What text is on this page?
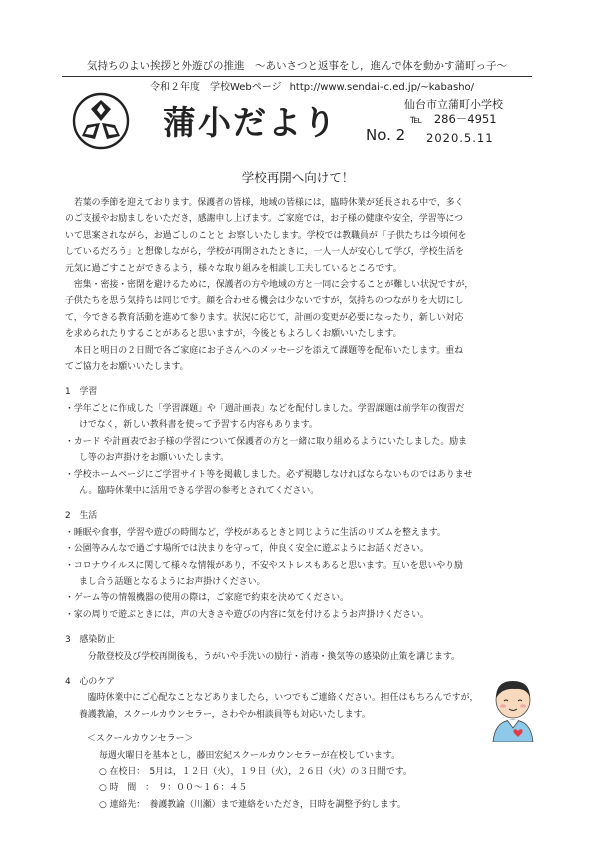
気持ちのよい挨拶と外遊びの推進　～あいさつと返事をし，進んで体を動かす蒲町っ子～
令和２年度　学校Webページ http://www.sendai-c.ed.jp/~kabasho/
蒲小だより No. 2
仙台市立蒲町小学校
℡　286－4951
2020.5.11
学校再開へ向けて！

　若葉の季節を迎えております。保護者の皆様，地域の皆様には，臨時休業が延長される中で，多く

のご支援やお励ましをいただき，感謝申し上げます。ご家庭では，お子様の健康や安全，学習等につ

いて思案されながら，お過ごしのことと お察しいたします。学校では教職員が「子供たちは今頃何を

しているだろう」と想像しながら，学校が再開されたときに，一人一人が安心して学び，学校生活を

元気に過ごすことができるよう，様々な取り組みを相談し工夫しているところです。

　密集・密接・密閉を避けるために，保護者の方や地域の方と一同に会することが難しい状況ですが，

子供たちを思う気持ちは同じです。顔を合わせる機会は少ないですが，気持ちのつながりを大切にし

て，今できる教育活動を進めて参ります。状況に応じて，計画の変更が必要になったり，新しい対応

を求められたりすることがあると思いますが，今後ともよろしくお願いいたします。

　本日と明日の２日間で各ご家庭にお子さんへのメッセージを添えて課題等を配布いたします。重ね

てご協力をお願いいたします。

1　学習

・学年ごとに作成した「学習課題」や「週計画表」などを配付しました。学習課題は前学年の復習だ

けでなく，新しい教科書を使って予習する内容もあります。

・カード や計画表でお子様の学習について保護者の方と一緒に取り組めるようにいたしました。励ま

し等のお声掛けをお願いいたします。

・学校ホームページにご学習サイト等を掲載しました。必ず視聴しなければならないものではありませ

ん。臨時休業中に活用できる学習の参考とされてください。

2　生活

・睡眠や食事，学習や遊びの時間など，学校があるときと同じように生活のリズムを整えます。

・公園等みんなで過ごす場所では決まりを守って，仲良く安全に遊ぶようにお話ください。

・コロナウイルスに関して様々な情報があり，不安やストレスもあると思います。互いを思いやり励

まし合う話題となるようにお声掛けください。

・ゲーム等の情報機器の使用の際は，ご家庭で約束を決めてください。

・家の周りで遊ぶときには，声の大きさや遊びの内容に気を付けるようお声掛けください。

3　感染防止

　分散登校及び学校再開後も，うがいや手洗いの励行・消毒・換気等の感染防止策を講じます。

4　心のケア

　臨時休業中にご心配なことなどありましたら，いつでもご連絡ください。担任はもちろんですが，

養護教諭，スクールカウンセラー，さわやか相談員等も対応いたします。

＜スクールカウンセラー＞

毎週火曜日を基本とし，藤田宏紀スクールカウンセラーが在校しています。

○ 在校日：　5月は，１２日（火），１９日（火），２６日（火）の３日間です。

○ 時　間　：　９：００～１６：４５

○ 連絡先：　養護教諭（川瀬）まで連絡をいただき，日時を調整予約します。
